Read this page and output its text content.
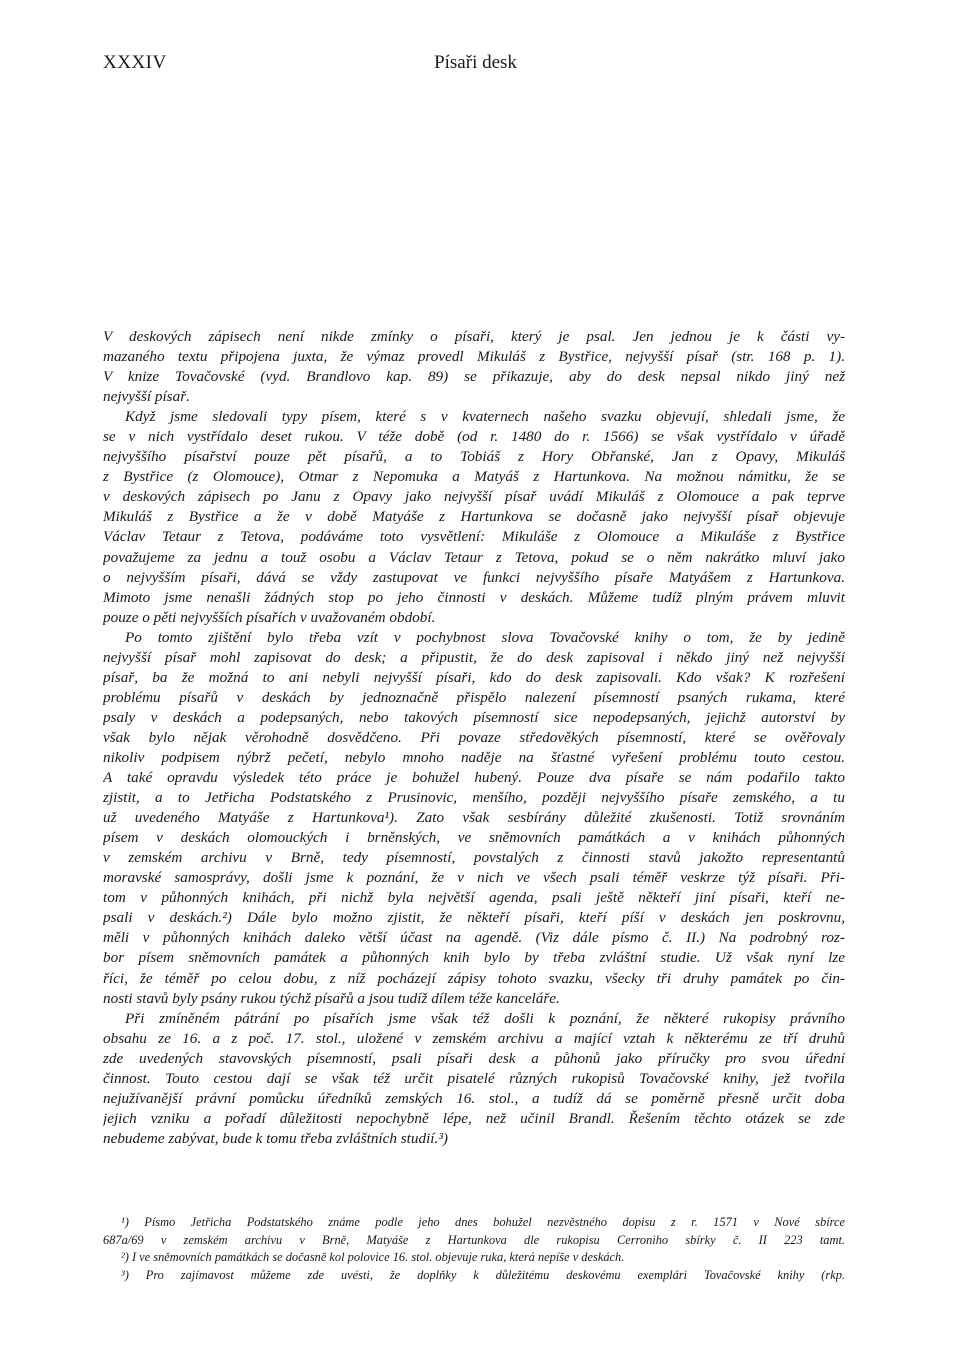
XXXIV	Písaři desk
V deskových zápisech není nikde zmínky o písaři, který je psal. Jen jednou je k části vy-
mazaného textu připojena juxta, že výmaz provedl Mikuláš z Bystřice, nejvyšší písař (str. 168 p. 1).
V knize Tovačovské (vyd. Brandlovo kap. 89) se přikazuje, aby do desk nepsal nikdo jiný než
nejvyšší písař.
Když jsme sledovali typy písem, které s v kvaternech našeho svazku objevují, shledali jsme, že
se v nich vystřídalo deset rukou. V téže době (od r. 1480 do r. 1566) se však vystřídalo v úřadě
nejvyššího písařství pouze pět písařů, a to Tobiáš z Hory Obřanské, Jan z Opavy, Mikuláš
z Bystřice (z Olomouce), Otmar z Nepomuka a Matyáš z Hartunkova. Na možnou námitku, že se
v deskových zápisech po Janu z Opavy jako nejvyšší písař uvádí Mikuláš z Olomouce a pak teprve
Mikuláš z Bystřice a že v době Matyáše z Hartunkova se dočasně jako nejvyšší písař objevuje
Václav Tetaur z Tetova, podáváme toto vysvětlení: Mikuláše z Olomouce a Mikuláše z Bystřice
považujeme za jednu a touž osobu a Václav Tetaur z Tetova, pokud se o něm nakrátko mluví jako
o nejvyšším písaři, dává se vždy zastupovat ve funkci nejvyššího písaře Matyášem z Hartunkova.
Mimoto jsme nenašli žádných stop po jeho činnosti v deskách. Můžeme tudíž plným právem mluvit
pouze o pěti nejvyšších písařích v uvažovaném období.
Po tomto zjištění bylo třeba vzít v pochybnost slova Tovačovské knihy o tom, že by jedině
nejvyšší písař mohl zapisovat do desk; a připustit, že do desk zapisoval i někdo jiný než nejvyšší
písař, ba že možná to ani nebyli nejvyšší písaři, kdo do desk zapisovali. Kdo však? K rozřešení
problému písařů v deskách by jednoznačně přispělo nalezení písemností psaných rukama, které
psaly v deskách a podepsaných, nebo takových písemností sice nepodepsaných, jejichž autorství by
však bylo nějak věrohodně dosvědčeno. Při povaze středověkých písemností, které se ověřovaly
nikoliv podpisem nýbrž pečetí, nebylo mnoho naděje na šťastné vyřešení problému touto cestou.
A také opravdu výsledek této práce je bohužel hubený. Pouze dva písaře se nám podařilo takto
zjistit, a to Jetřicha Podstatského z Prusinovic, menšího, později nejvyššího písaře zemského, a tu
už uvedeného Matyáše z Hartunkova¹). Zato však sesbírány důležité zkušenosti. Totiž srovnáním
písem v deskách olomouckých i brněnských, ve sněmovních památkách a v knihách půhonných
v zemském archivu v Brně, tedy písemností, povstalých z činnosti stavů jakožto representantů
moravské samosprávy, došli jsme k poznání, že v nich ve všech psali téměř veskrze týž písaři. Při-
tom v půhonných knihách, při nichž byla největší agenda, psali ještě někteří jiní písaři, kteří ne-
psali v deskách.²) Dále bylo možno zjistit, že někteří písaři, kteří píší v deskách jen poskrovnu,
měli v půhonných knihách daleko větší účast na agendě. (Viz dále písmo č. II.) Na podrobný roz-
bor písem sněmovních památek a půhonných knih bylo by třeba zvláštní studie. Už však nyní lze
říci, že téměř po celou dobu, z níž pocházejí zápisy tohoto svazku, všecky tři druhy památek po čin-
nosti stavů byly psány rukou týchž písařů a jsou tudíž dílem téže kanceláře.
Při zmíněném pátrání po písařích jsme však též došli k poznání, že některé rukopisy právního
obsahu ze 16. a z poč. 17. stol., uložené v zemském archivu a mající vztah k některému ze tří druhů
zde uvedených stavovských písemností, psali písaři desk a půhonů jako příručky pro svou úřední
činnost. Touto cestou dají se však též určit pisatelé různých rukopisů Tovačovské knihy, jež tvořila
nejužívanější právní pomůcku úředníků zemských 16. stol., a tudíž dá se poměrně přesně určit doba
jejich vzniku a pořadí důležitosti nepochybně lépe, než učinil Brandl. Řešením těchto otázek se zde
nebudeme zabývat, bude k tomu třeba zvláštních studií.³)
¹) Písmo Jetřicha Podstatského známe podle jeho dnes bohužel nezvěstného dopisu z r. 1571 v Nové sbírce
687a/69 v zemském archivu v Brně, Matyáše z Hartunkova dle rukopisu Cerroniho sbírky č. II 223 tamt.
²) I ve sněmovních památkách se dočasně kol polovice 16. stol. objevuje ruka, která nepíše v deskách.
³) Pro zajímavost můžeme zde uvésti, že doplňky k důležitému deskovému exemplári Tovačovské knihy (rkp.
